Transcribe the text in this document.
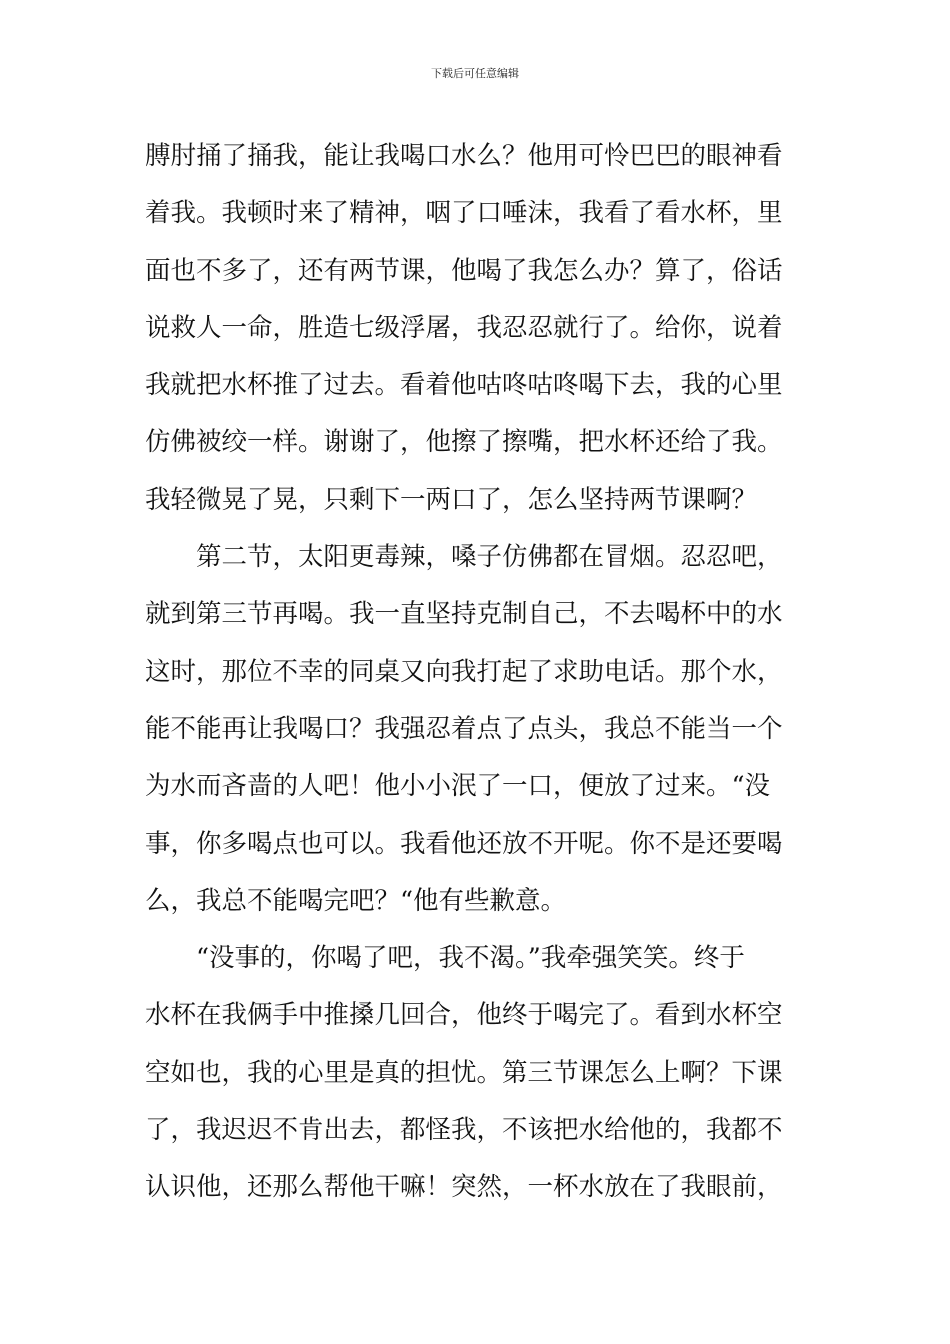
下载后可任意编辑
膊肘捅了捅我，能让我喝口水么？他用可怜巴巴的眼神看
着我。我顿时来了精神，咽了口唾沫，我看了看水杯，里
面也不多了，还有两节课，他喝了我怎么办？算了，俗话
说救人一命，胜造七级浮屠，我忍忍就行了。给你，说着
我就把水杯推了过去。看着他咕咚咕咚喝下去，我的心里
仿佛被绞一样。谢谢了，他擦了擦嘴，把水杯还给了我。
我轻微晃了晃，只剩下一两口了，怎么坚持两节课啊？
　　第二节，太阳更毒辣，嗓子仿佛都在冒烟。忍忍吧，
就到第三节再喝。我一直坚持克制自己，不去喝杯中的水
这时，那位不幸的同桌又向我打起了求助电话。那个水，
能不能再让我喝口？我强忍着点了点头，我总不能当一个
为水而吝啬的人吧！他小小泯了一口，便放了过来。“没
事，你多喝点也可以。我看他还放不开呢。你不是还要喝
么，我总不能喝完吧？“他有些歉意。
　　“没事的，你喝了吧，我不渴。”我牵强笑笑。终于
水杯在我俩手中推搡几回合，他终于喝完了。看到水杯空
空如也，我的心里是真的担忧。第三节课怎么上啊？下课
了，我迟迟不肯出去，都怪我，不该把水给他的，我都不
认识他，还那么帮他干嘛！突然，一杯水放在了我眼前，
